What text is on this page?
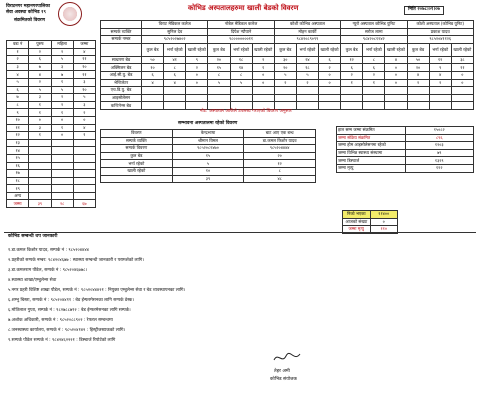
विराटनगर महानगरपालिका
सेवा अवस्था कोभिड १९
संक्रमितको विवरण
कोभिड अस्पतालहरुमा खाली बेडको विवरण	मिति २०७८।०१।०७
वडा नं	पुरुष	महिला	जम्मा
१	२	२	४
२	६	५	११
३	७	३	१०
४	४	७	११
५	२	१	३
६	५	५	१०
७	३	२	५
८	१	२	३
९	१	१	२
१०	०	०	०
११	३	१	४
१२	१	०	१
१३			
१४			
१५			
१६			
१७			
१८			
१९			
अन्य			
जम्मा	३९	२८	६७
	विराट मेडिकल कलेज			नोबेल मेडिकल कलेज			कोशी कोभिड अस्पताल			न्युरो अस्पताल कोभिड युनिट			कोशी अस्पताल (कोभिड युनिट)		
सम्पर्क व्यक्ति	सुनिल देव			दिपेश न्यौपाने			मोहन कार्की			सरोज लामा			प्रकाश यादव		
सम्पर्क नम्बर	९८५२०२७४०२			९८०००००००११			९८४२०८९०९९			९८४२०८१२४२			९८५२०४११२६		
	कुल बेड	भर्ना रहेको	खाली रहेको	कुल बेड	भर्ना रहेको	खाली रहेको	कुल बेड	भर्ना रहेको	खाली रहेको	कुल बेड	भर्ना रहेको	खाली रहेको	कुल बेड	भर्ना रहेको	खाली रहेको
साधारण बेड	५०	४१	९	२०	१८	२	३०	२४	६	१२	८	४	५०	१२	३८
अक्सिजन बेड	१०	८	२	१५	१४	१	२०	१८	२	६	६	०	२०	९	११
आई.सी.यु. बेड	६	६	०	८	८	०	५	५	०	२	२	०	४	४	०
भेन्टिलेटर	४	४	०	५	५	०	२	२	०	१	१	०	२	२	०
एच.डि.यु. बेड															
आइसोलेसन															
कन्टिनेन्स बेड															
नोट: अस्पताल आफैंले उपलब्ध गराएको विवरण अनुसार
सम्भावना अस्पतालमा रहेको विवरण
विवरण	केन्द्रभाषा	बाट आए एक बन्ध
सम्पर्क व्यक्ति	श्रीमान विमल	डा.कमल किशोर यादव
सम्पर्क विवरण	९८५२०८२४७०	९८५२०४४४४
कुल बेड	१५	२०
भर्ना रहेको	५	१२
खाली रहेको	१०	८
	३९	४८
हाल सम्म जम्मा संक्रमित	१५०८२
जम्मा संक्रिय संक्रमित	८९६
जम्मा होम आइसोलेसनमा रहेको	१२०३
जम्मा विभिन्न स्वास्थ्य संस्थामा	७९
जम्मा डिस्चार्ज	१३२९
जम्मा मृत्यु	१२२
निको भएका	११४००
आजको संख्या	०
जम्मा मृत्यु	११०
कोभिड सम्बन्धी थप जानकारी
१.डा.कमल किशोर यादव, सम्पर्क नं : ९८५२०४४४४
२.प्रहरीको सम्पर्क नम्बर: ९८४२०४६७७ : स्वास्थ्य सम्बन्धी जानकारी र परामर्शको लागि।
३.डा.कमलराम पौडेल, सम्पर्क नं : ९८५२०४६७७८।
४.स्वास्थ्य शाखा/एम्बुलेन्स सेवा
५.नगर प्रहरी विशिष्ट शाखा पौडेल, सम्पर्क नं : ९८५२०४४४२१ : नियुक्त एम्बुलेन्स सेवा र बेड व्यवस्थापनका लागि।
६.शम्भु बिस्ता, सम्पर्क नं : ९८५२०४४११ : बेड ईन्फरमेसनका लागि सम्पर्क डेस्क।
६.मोतिलाल गुप्ता, सम्पर्क नं : ९८२७८८७१२ : बेड ईन्फरमेसनका लागि सम्पर्क।
७.अशोक अधिकारी, सम्पर्क नं : ९८५२०८८९०२ : रेफरल सम्बन्धमा
८.जनस्वास्थ्य कार्यालय, सम्पर्क नं : ९८५२०४१४२ : हिस्ट्रीजस्टाकको लागि।
९.सम्पर्क पौडेल सम्पर्क नं : ९८४२४६२२२१ : डिस्चार्ज रिपोर्टको लागि
तेहर अमी
कोभिड संयोजक
